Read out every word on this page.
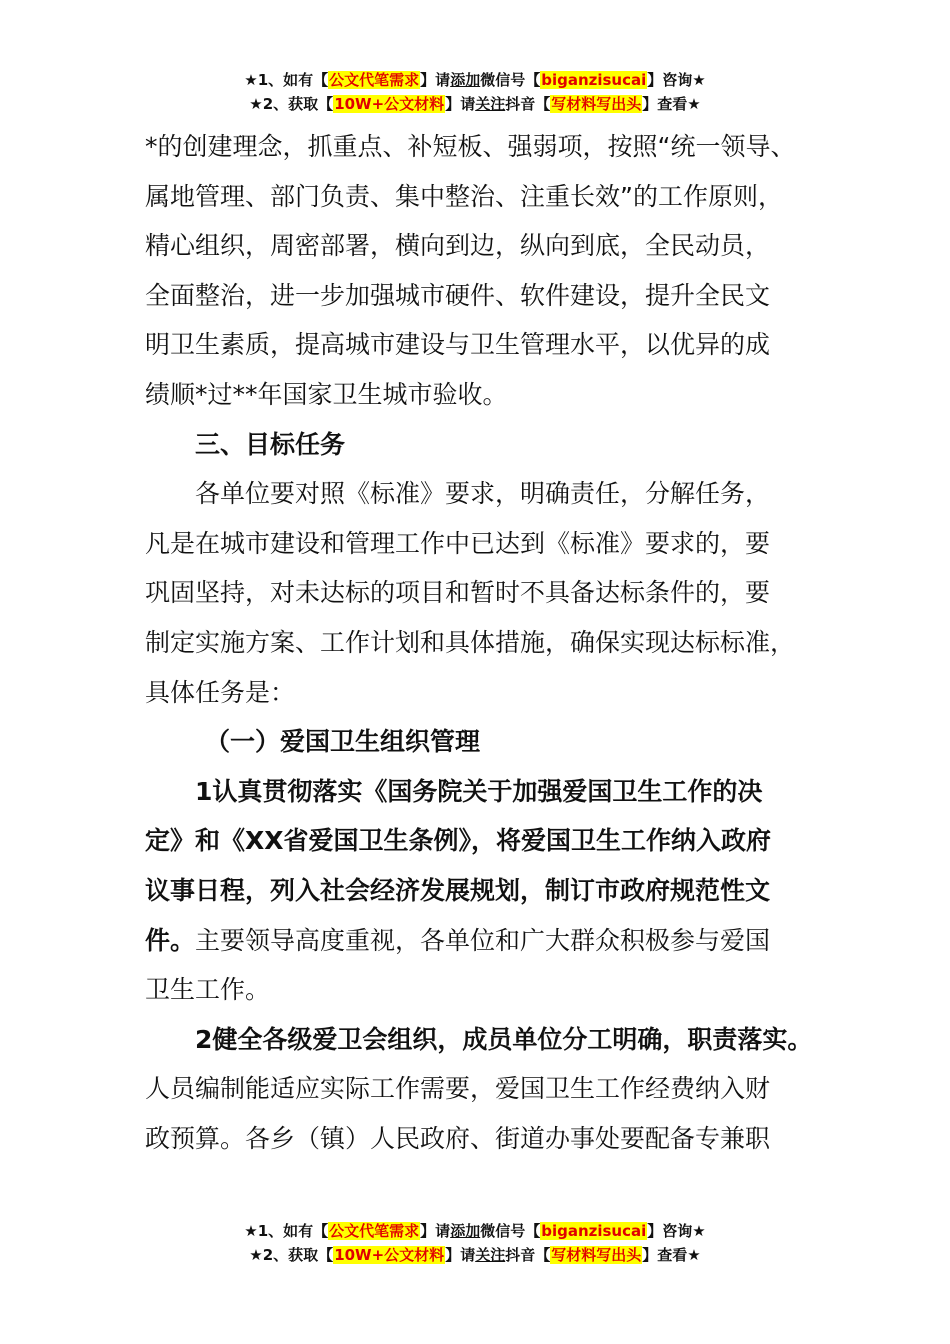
★1、如有【公文代笔需求】请添加微信号【biganzisucai】咨询★
★2、获取【10W+公文材料】请关注抖音【写材料写出头】查看★

*的创建理念，抓重点、补短板、强弱项，按照“统一领导、

属地管理、部门负责、集中整治、注重长效”的工作原则，

精心组织，周密部署，横向到边，纵向到底，全民动员，

全面整治，进一步加强城市硬件、软件建设，提升全民文

明卫生素质，提高城市建设与卫生管理水平，以优异的成

绩顺*过**年国家卫生城市验收。

三、目标任务

各单位要对照《标准》要求，明确责任，分解任务，

凡是在城市建设和管理工作中已达到《标准》要求的，要

巩固坚持，对未达标的项目和暂时不具备达标条件的，要

制定实施方案、工作计划和具体措施，确保实现达标标准，

具体任务是：

（一）爱国卫生组织管理

1认真贯彻落实《国务院关于加强爱国卫生工作的决

定》和《XX省爱国卫生条例》，将爱国卫生工作纳入政府

议事日程，列入社会经济发展规划，制订市政府规范性文

件。主要领导高度重视，各单位和广大群众积极参与爱国

卫生工作。

2健全各级爱卫会组织，成员单位分工明确，职责落实。

人员编制能适应实际工作需要，爱国卫生工作经费纳入财

政预算。各乡（镇）人民政府、街道办事处要配备专兼职

★1、如有【公文代笔需求】请添加微信号【biganzisucai】咨询★
★2、获取【10W+公文材料】请关注抖音【写材料写出头】查看★
